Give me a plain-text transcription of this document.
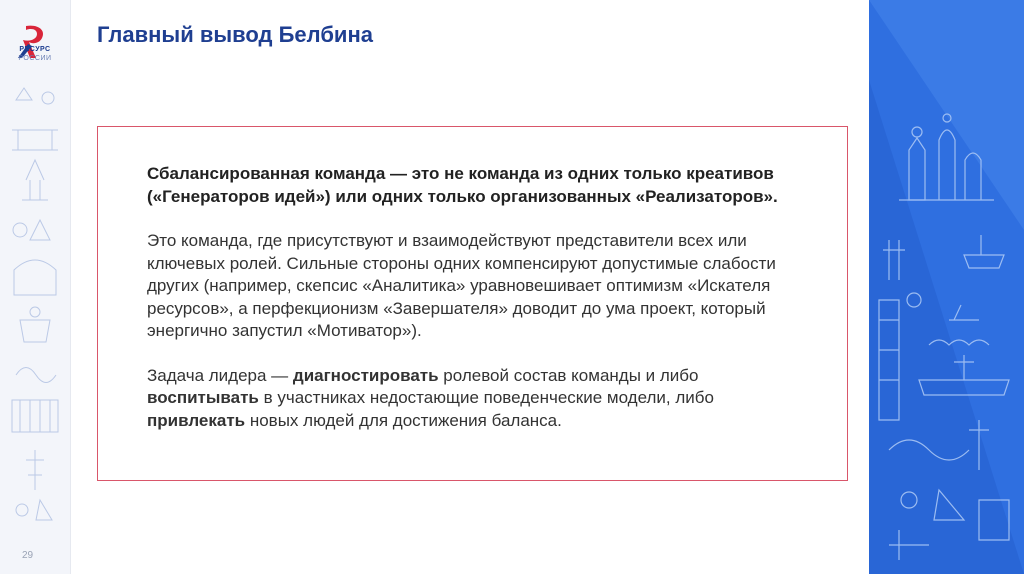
РЕСУРС
РОССИИ
29
Главный вывод Белбина

Сбалансированная команда — это не команда из одних только креативов («Генераторов идей») или одних только организованных «Реализаторов».

Это команда, где присутствуют и взаимодействуют представители всех или ключевых ролей. Сильные стороны одних компенсируют допустимые слабости других (например, скепсис «Аналитика» уравновешивает оптимизм «Искателя ресурсов», а перфекционизм «Завершателя» доводит до ума проект, который энергично запустил «Мотиватор»).

Задача лидера — диагностировать ролевой состав команды и либо воспитывать в участниках недостающие поведенческие модели, либо привлекать новых людей для достижения баланса.
